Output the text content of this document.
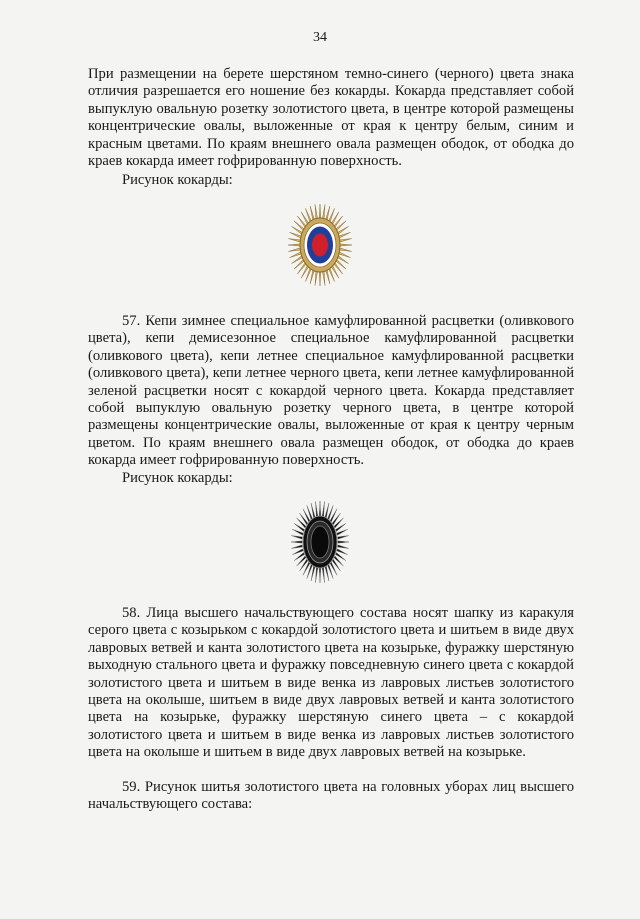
34

При размещении на берете шерстяном темно-синего (черного) цвета знака отличия разрешается его ношение без кокарды. Кокарда представляет собой выпуклую овальную розетку золотистого цвета, в центре которой размещены концентрические овалы, выложенные от края к центру белым, синим и красным цветами. По краям внешнего овала размещен ободок, от ободка до краев кокарда имеет гофрированную поверхность.

Рисунок кокарды:

57. Кепи зимнее специальное камуфлированной расцветки (оливкового цвета), кепи демисезонное специальное камуфлированной расцветки (оливкового цвета), кепи летнее специальное камуфлированной расцветки (оливкового цвета), кепи летнее черного цвета, кепи летнее камуфлированной зеленой расцветки носят с кокардой черного цвета. Кокарда представляет собой выпуклую овальную розетку черного цвета, в центре которой размещены концентрические овалы, выложенные от края к центру черным цветом. По краям внешнего овала размещен ободок, от ободка до краев кокарда имеет гофрированную поверхность.

Рисунок кокарды:

58. Лица высшего начальствующего состава носят шапку из каракуля серого цвета с козырьком с кокардой золотистого цвета и шитьем в виде двух лавровых ветвей и канта золотистого цвета на козырьке, фуражку шерстяную выходную стального цвета и фуражку повседневную синего цвета с кокардой золотистого цвета и шитьем в виде венка из лавровых листьев золотистого цвета на околыше, шитьем в виде двух лавровых ветвей и канта золотистого цвета на козырьке, фуражку шерстяную синего цвета – с кокардой золотистого цвета и шитьем в виде венка из лавровых листьев золотистого цвета на околыше и шитьем в виде двух лавровых ветвей на козырьке.

59. Рисунок шитья золотистого цвета на головных уборах лиц высшего начальствующего состава:
